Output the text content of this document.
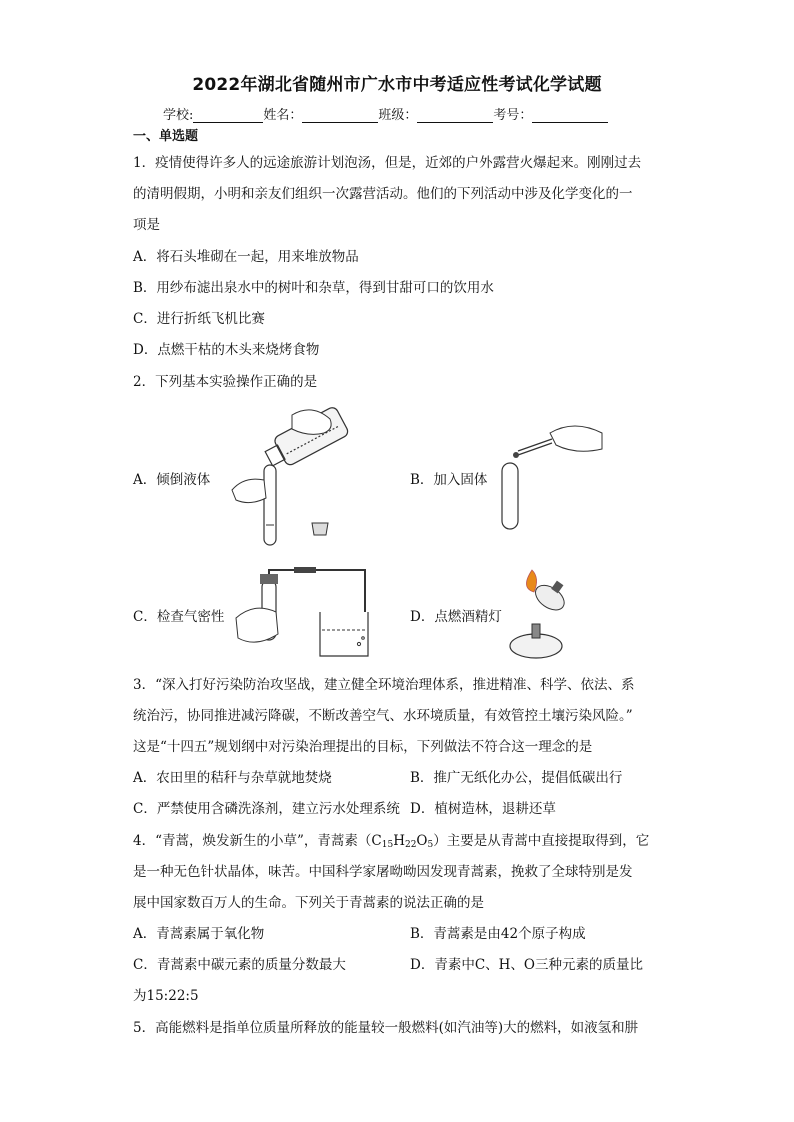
2022年湖北省随州市广水市中考适应性考试化学试题
学校:	姓名：	班级：	考号：
一、单选题
1．疫情使得许多人的远途旅游计划泡汤，但是，近郊的户外露营火爆起来。刚刚过去
的清明假期，小明和亲友们组织一次露营活动。他们的下列活动中涉及化学变化的一
项是
A．将石头堆砌在一起，用来堆放物品
B．用纱布滤出泉水中的树叶和杂草，得到甘甜可口的饮用水
C．进行折纸飞机比赛
D．点燃干枯的木头来烧烤食物
2．下列基本实验操作正确的是
A．倾倒液体	B．加入固体
C．检查气密性	D．点燃酒精灯
3．“深入打好污染防治攻坚战，建立健全环境治理体系，推进精准、科学、依法、系
统治污，协同推进减污降碳，不断改善空气、水环境质量，有效管控土壤污染风险。”
这是“十四五”规划纲中对污染治理提出的目标，下列做法不符合这一理念的是
A．农田里的秸秆与杂草就地焚烧	B．推广无纸化办公，提倡低碳出行
C．严禁使用含磷洗涤剂，建立污水处理系统 D．植树造林，退耕还草
4．“青蒿，焕发新生的小草”，青蒿素$(C_{15}H_{22}O_5)$主要是从青蒿中直接提取得到，它
是一种无色针状晶体，味苦。中国科学家屠呦呦因发现青蒿素，挽救了全球特别是发
展中国家数百万人的生命。下列关于青蒿素的说法正确的是
A．青蒿素属于氧化物	B．青蒿素是由42个原子构成
C．青蒿素中碳元素的质量分数最大	D．青素中C、H、O三种元素的质量比
为15:22:5
5．高能燃料是指单位质量所释放的能量较一般燃料(如汽油等)大的燃料，如液氢和肼
